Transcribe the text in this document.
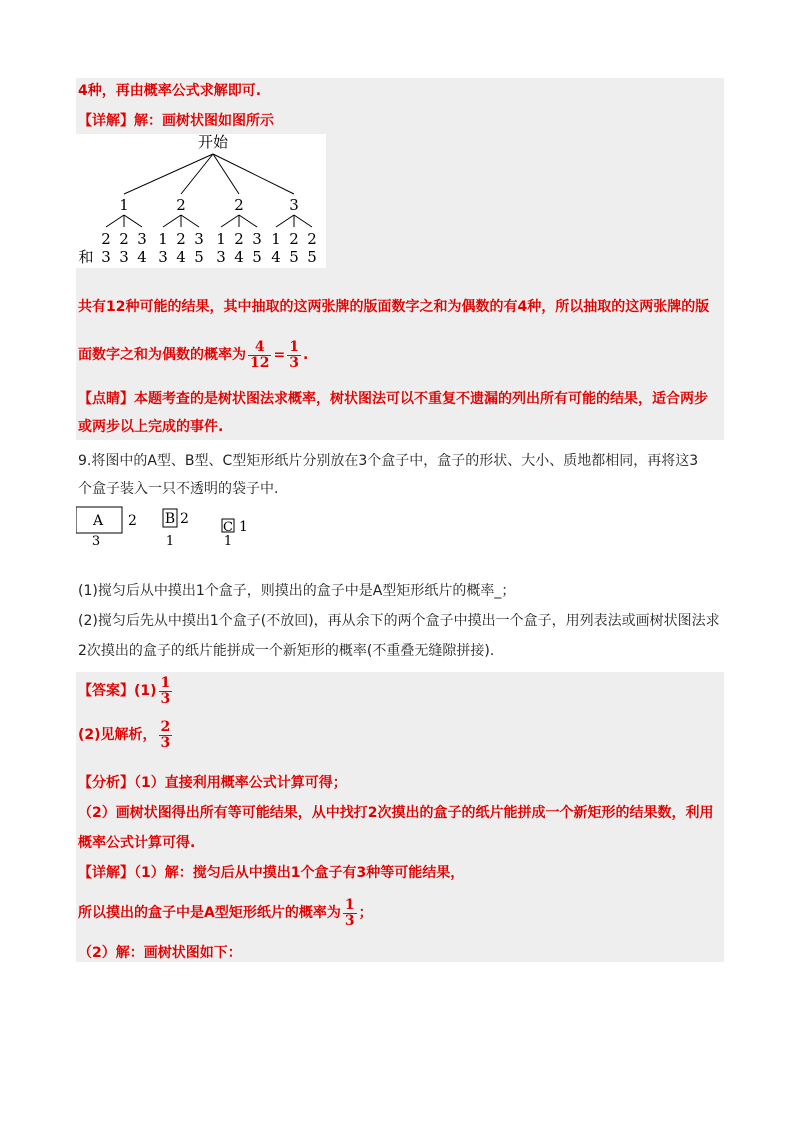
4种，再由概率公式求解即可.
【详解】解：画树状图如图所示
开始
1	2	2	3
2 2 3 1 2 3 1 2 3 1 2 2
和 3 3 4 3 4 5 3 4 5 4 5 5
共有12种可能的结果，其中抽取的这两张牌的版面数字之和为偶数的有4种，所以抽取的这两张牌的版
面数字之和为偶数的概率为 $\frac{4}{12} = \frac{1}{3}$ .
【点睛】本题考查的是树状图法求概率，树状图法可以不重复不遗漏的列出所有可能的结果，适合两步
或两步以上完成的事件.
9.将图中的A型、B型、C型矩形纸片分别放在3个盒子中，盒子的形状、大小、质地都相同，再将这3
个盒子装入一只不透明的袋子中.
A 2
3
B 2
1
C 1
1
(1)搅匀后从中摸出1个盒子，则摸出的盒子中是A型矩形纸片的概率_；
(2)搅匀后先从中摸出1个盒子(不放回)，再从余下的两个盒子中摸出一个盒子，用列表法或画树状图法求
2次摸出的盒子的纸片能拼成一个新矩形的概率(不重叠无缝隙拼接).
【答案】$(1) \frac{1}{3}$
(2)见解析， $\frac{2}{3}$
【分析】（1）直接利用概率公式计算可得；
（2）画树状图得出所有等可能结果，从中找打2次摸出的盒子的纸片能拼成一个新矩形的结果数，利用
概率公式计算可得.
【详解】（1）解：搅匀后从中摸出1个盒子有3种等可能结果，
所以摸出的盒子中是A型矩形纸片的概率为 $\frac{1}{3}$ ；
（2）解：画树状图如下：
